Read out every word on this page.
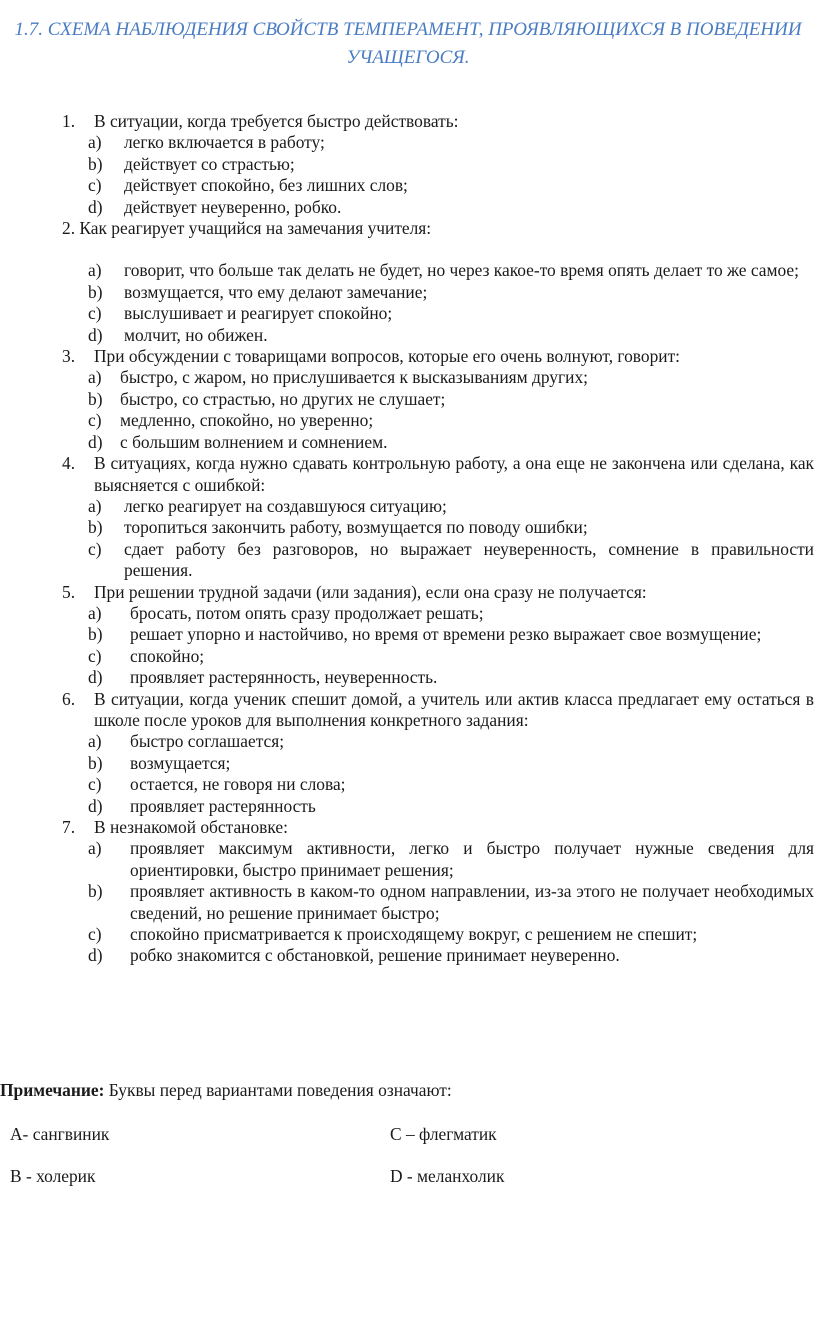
1.7. СХЕМА НАБЛЮДЕНИЯ СВОЙСТВ ТЕМПЕРАМЕНТ, ПРОЯВЛЯЮЩИХСЯ В ПОВЕДЕНИИ
УЧАЩЕГОСЯ.
1. В ситуации, когда требуется быстро действовать:
a) легко включается в работу;
b) действует со страстью;
c) действует спокойно, без лишних слов;
d) действует неуверенно, робко.
2. Как реагирует учащийся на замечания учителя:
a) говорит, что больше так делать не будет, но через какое-то время опять делает то же самое;
b) возмущается, что ему делают замечание;
c) выслушивает и реагирует спокойно;
d) молчит, но обижен.
3. При обсуждении с товарищами вопросов, которые его очень волнуют, говорит:
a) быстро, с жаром, но прислушивается к высказываниям других;
b) быстро, со страстью, но других не слушает;
c) медленно, спокойно, но уверенно;
d) с большим волнением и сомнением.
4. В ситуациях, когда нужно сдавать контрольную работу, а она еще не закончена или сделана, как выясняется с ошибкой:
a) легко реагирует на создавшуюся ситуацию;
b) торопиться закончить работу, возмущается по поводу ошибки;
c) сдает работу без разговоров, но выражает неуверенность, сомнение в правильности решения.
5. При решении трудной задачи (или задания), если она сразу не получается:
a) бросать, потом опять сразу продолжает решать;
b) решает упорно и настойчиво, но время от времени резко выражает свое возмущение;
c) спокойно;
d) проявляет растерянность, неуверенность.
6. В ситуации, когда ученик спешит домой, а учитель или актив класса предлагает ему остаться в школе после уроков для выполнения конкретного задания:
a) быстро соглашается;
b) возмущается;
c) остается, не говоря ни слова;
d) проявляет растерянность
7. В незнакомой обстановке:
a) проявляет максимум активности, легко и быстро получает нужные сведения для ориентировки, быстро принимает решения;
b) проявляет активность в каком-то одном направлении, из-за этого не получает необходимых сведений, но решение принимает быстро;
c) спокойно присматривается к происходящему вокруг, с решением не спешит;
d) робко знакомится с обстановкой, решение принимает неуверенно.
Примечание: Буквы перед вариантами поведения означают:
А- сангвиник	С – флегматик
В - холерик	D - меланхолик
